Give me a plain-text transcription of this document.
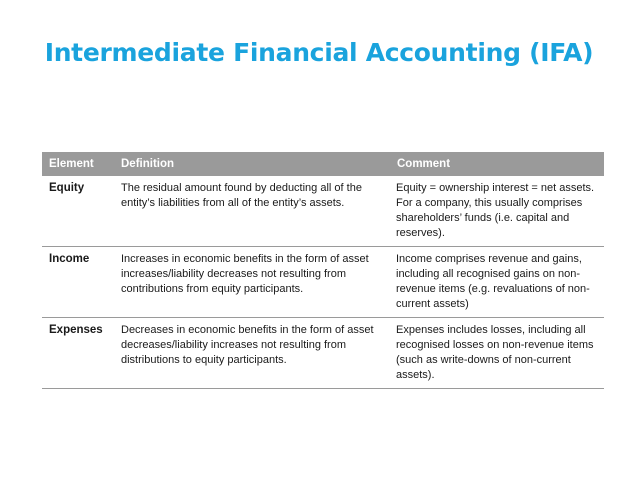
Intermediate Financial Accounting (IFA)
Element	Definition	Comment
Equity	The residual amount found by deducting all of the entity’s liabilities from all of the entity’s assets.	Equity = ownership interest = net assets. For a company, this usually comprises shareholders’ funds (i.e. capital and reserves).
Income	Increases in economic benefits in the form of asset increases/liability decreases not resulting from contributions from equity participants.	Income comprises revenue and gains, including all recognised gains on non-revenue items (e.g. revaluations of non-current assets)
Expenses	Decreases in economic benefits in the form of asset decreases/liability increases not resulting from distributions to equity participants.	Expenses includes losses, including all recognised losses on non-revenue items (such as write-downs of non-current assets).
